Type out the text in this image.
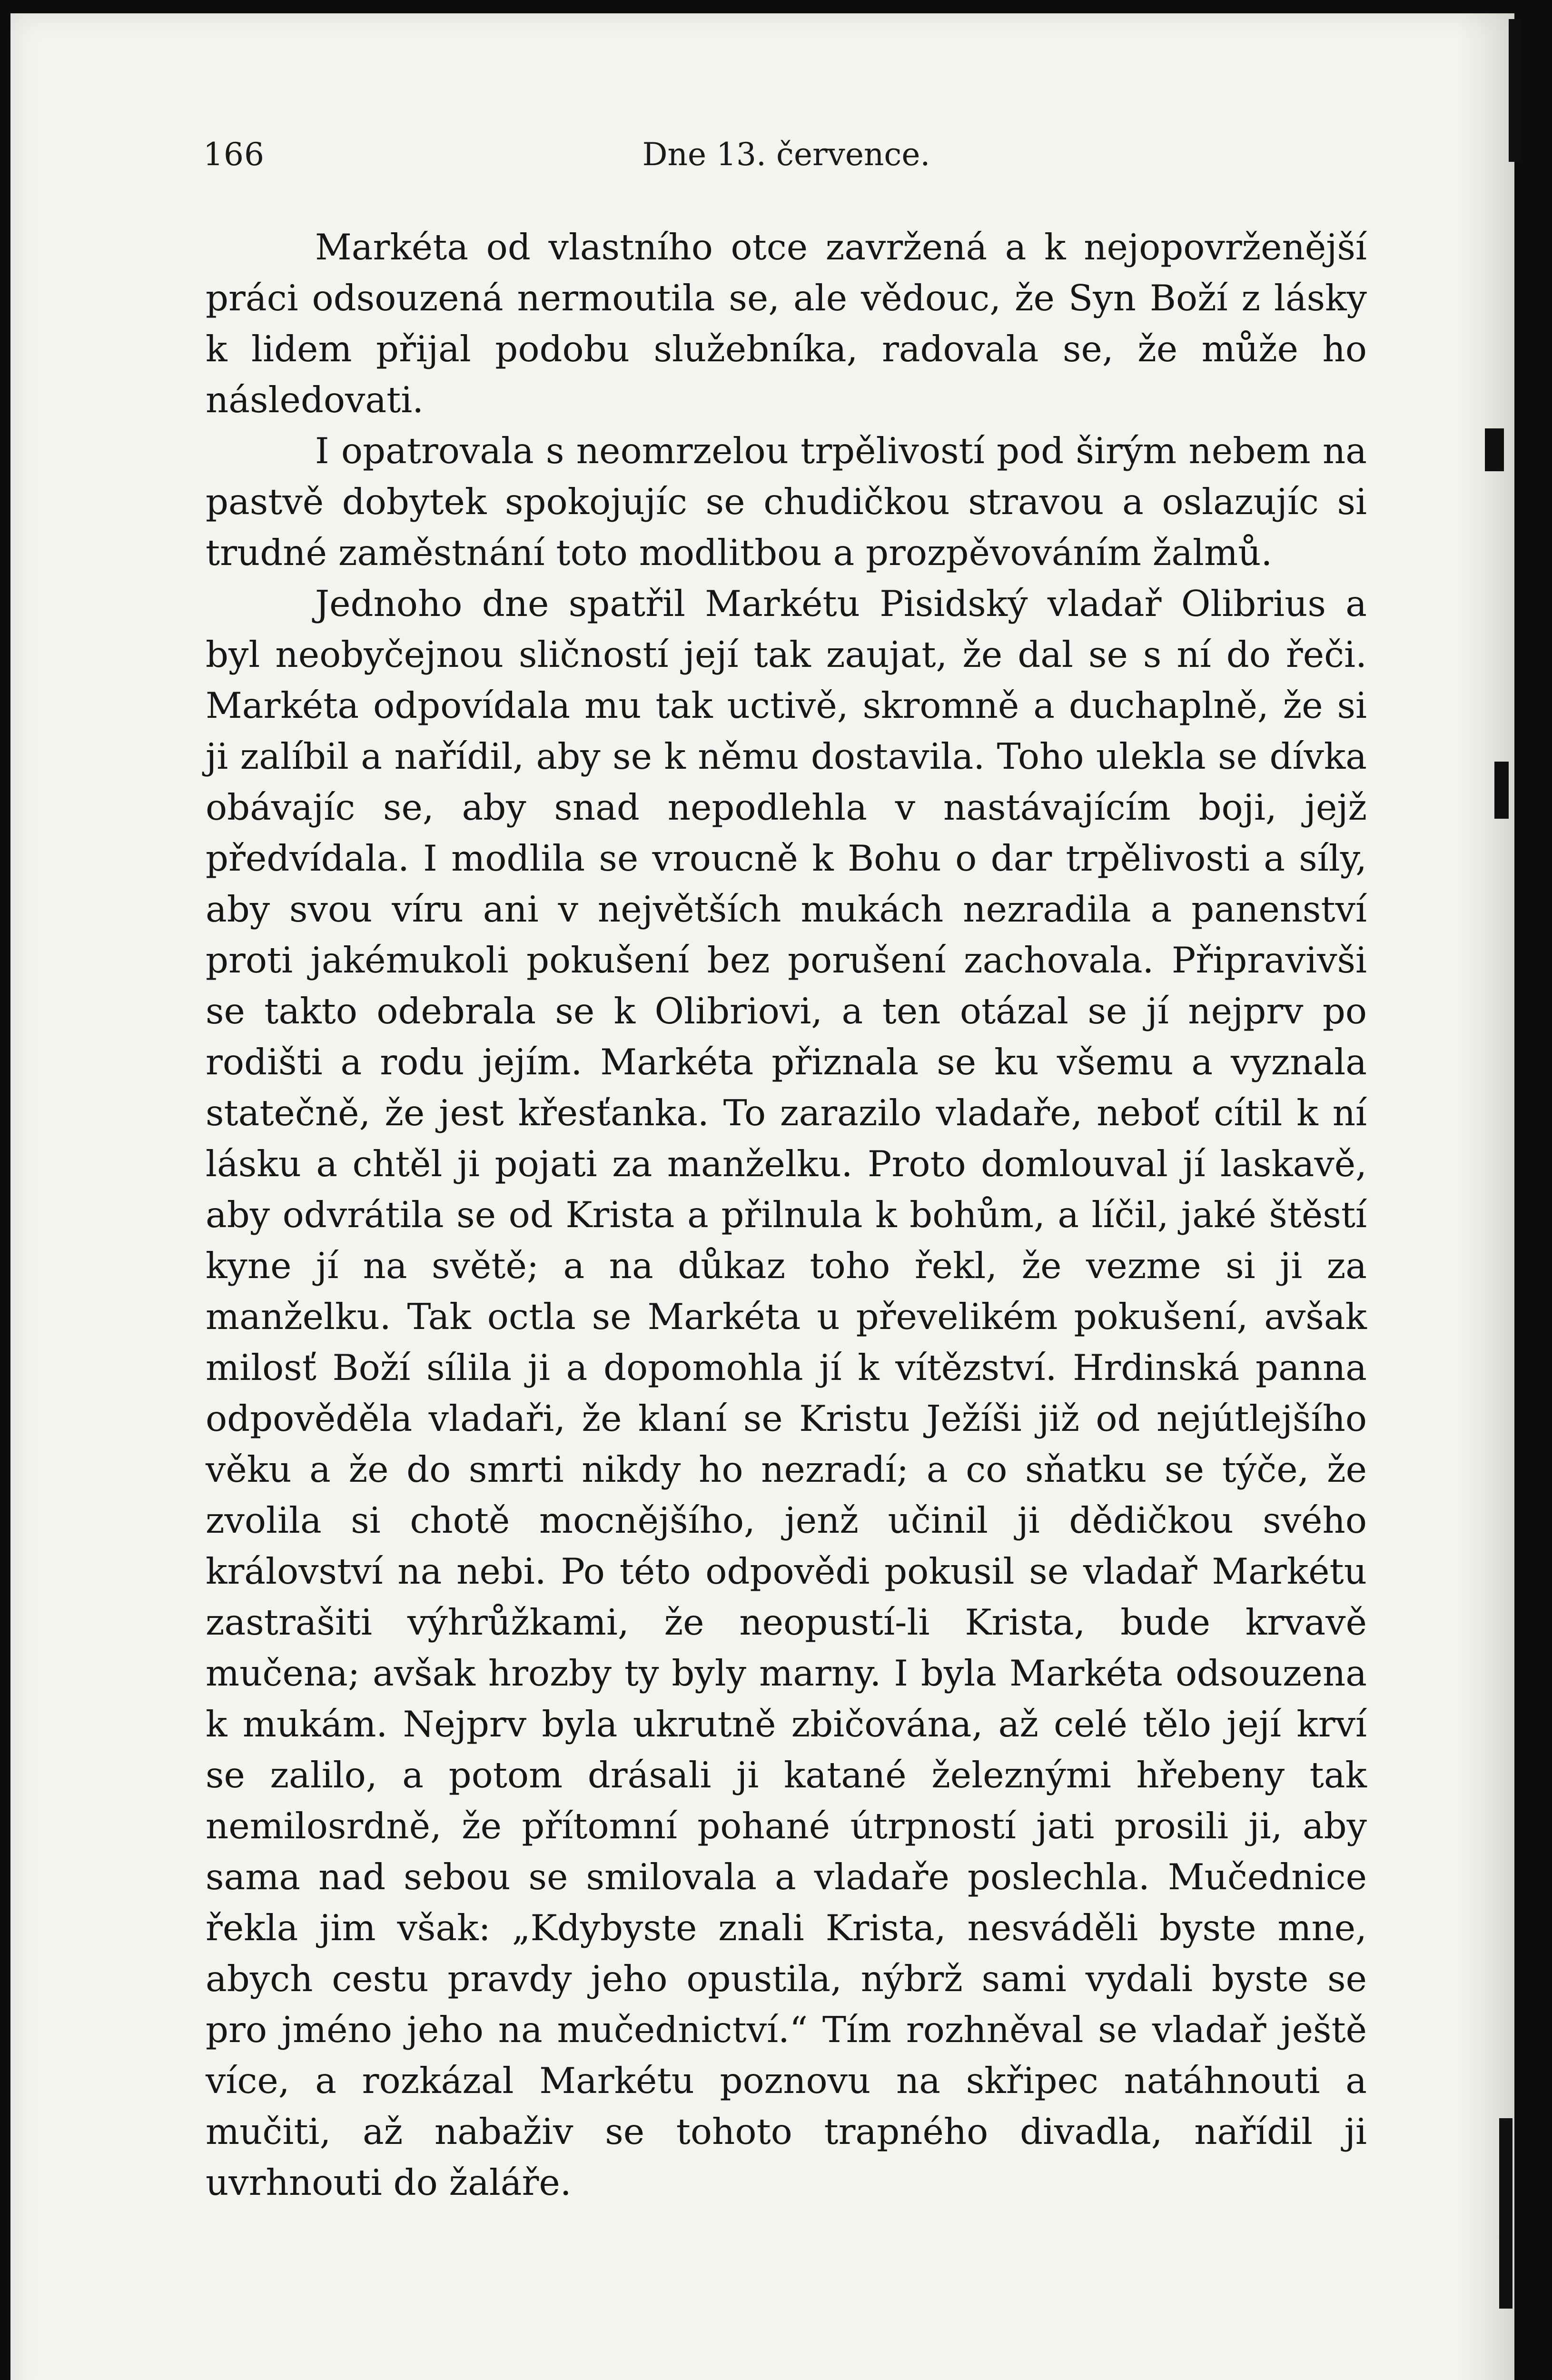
166	Dne 13. července.

Markéta od vlastního otce zavržená a k nejopovrženější práci odsouzená nermoutila se, ale vědouc, že Syn Boží z lásky k lidem přijal podobu služebníka, radovala se, že může ho následovati.

I opatrovala s neomrzelou trpělivostí pod širým nebem na pastvě dobytek spokojujíc se chudičkou stravou a oslazujíc si trudné zaměstnání toto modlitbou a prozpěvováním žalmů.

Jednoho dne spatřil Markétu Pisidský vladař Olibrius a byl neobyčejnou sličností její tak zaujat, že dal se s ní do řeči. Markéta odpovídala mu tak uctivě, skromně a duchaplně, že si ji zalíbil a nařídil, aby se k němu dostavila. Toho ulekla se dívka obávajíc se, aby snad nepodlehla v nastávajícím boji, jejž předvídala. I modlila se vroucně k Bohu o dar trpělivosti a síly, aby svou víru ani v největších mukách nezradila a panenství proti jakémukoli pokušení bez porušení zachovala. Připravivši se takto odebrala se k Olibriovi, a ten otázal se jí nejprv po rodišti a rodu jejím. Markéta přiznala se ku všemu a vyznala statečně, že jest křesťanka. To zarazilo vladaře, neboť cítil k ní lásku a chtěl ji pojati za manželku. Proto domlouval jí laskavě, aby odvrátila se od Krista a přilnula k bohům, a líčil, jaké štěstí kyne jí na světě; a na důkaz toho řekl, že vezme si ji za manželku. Tak octla se Markéta u převelikém pokušení, avšak milosť Boží sílila ji a dopomohla jí k vítězství. Hrdinská panna odpověděla vladaři, že klaní se Kristu Ježíši již od nejútlejšího věku a že do smrti nikdy ho nezradí; a co sňatku se týče, že zvolila si chotě mocnějšího, jenž učinil ji dědičkou svého království na nebi. Po této odpovědi pokusil se vladař Markétu zastrašiti výhrůžkami, že neopustí-li Krista, bude krvavě mučena; avšak hrozby ty byly marny. I byla Markéta odsouzena k mukám. Nejprv byla ukrutně zbičována, až celé tělo její krví se zalilo, a potom drásali ji katané železnými hřebeny tak nemilosrdně, že přítomní pohané útrpností jati prosili ji, aby sama nad sebou se smilovala a vladaře poslechla. Mučednice řekla jim však: „Kdybyste znali Krista, nesváděli byste mne, abych cestu pravdy jeho opustila, nýbrž sami vydali byste se pro jméno jeho na mučednictví.“ Tím rozhněval se vladař ještě více, a rozkázal Markétu poznovu na skřipec natáhnouti a mučiti, až nabaživ se tohoto trapného divadla, nařídil ji uvrhnouti do žaláře.
